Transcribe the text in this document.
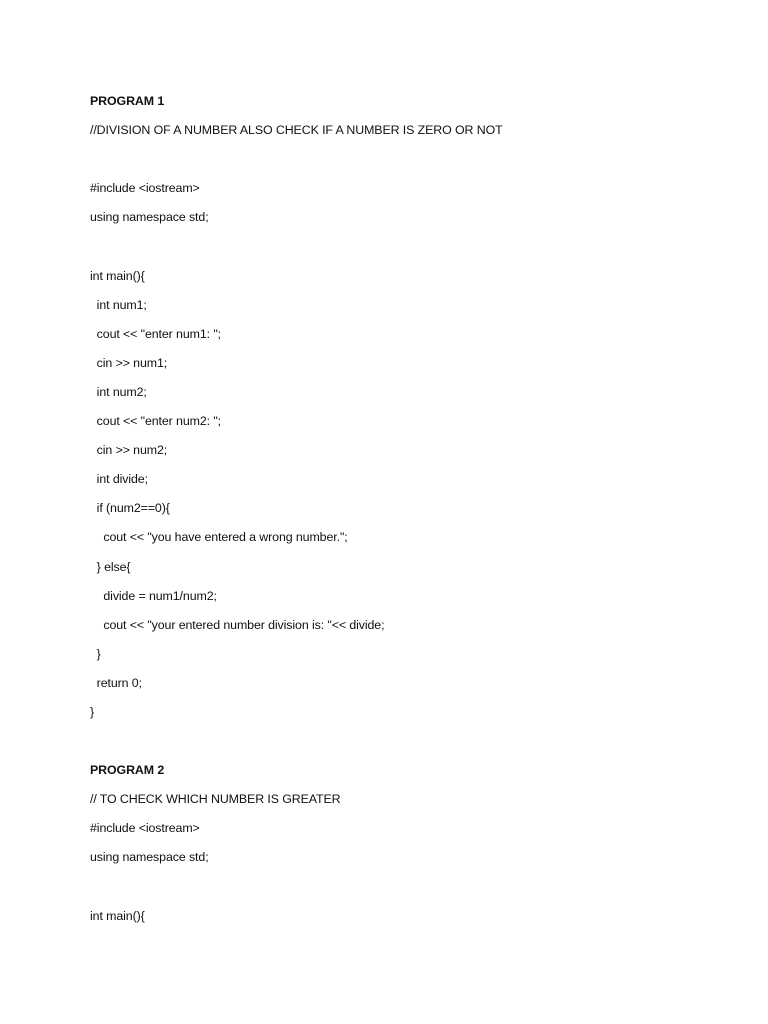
PROGRAM 1
//DIVISION OF A NUMBER ALSO CHECK IF A NUMBER IS ZERO OR NOT
#include <iostream>
using namespace std;
int main(){
int num1;
cout << "enter num1: ";
cin >> num1;
int num2;
cout << "enter num2: ";
cin >> num2;
int divide;
if (num2==0){
cout << "you have entered a wrong number.";
} else{
divide = num1/num2;
cout << "your entered number division is: "<< divide;
}
return 0;
}
PROGRAM 2
// TO CHECK WHICH NUMBER IS GREATER
#include <iostream>
using namespace std;
int main(){
